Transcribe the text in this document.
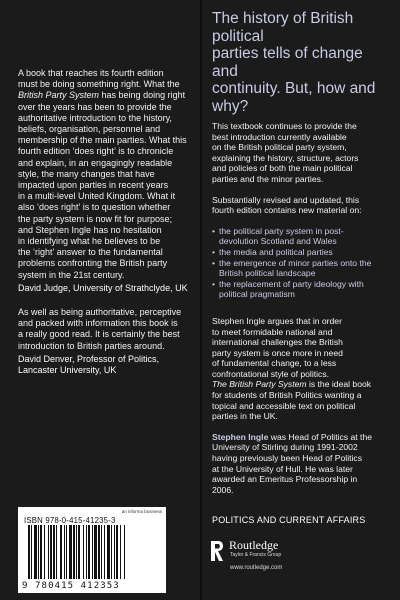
A book that reaches its fourth edition

must be doing something right. What the

British Party System has being doing right

over the years has been to provide the

authoritative introduction to the history,

beliefs, organisation, personnel and

membership of the main parties. What this

fourth edition ‘does right’ is to chronicle

and explain, in an engagingly readable

style, the many changes that have

impacted upon parties in recent years

in a multi-level United Kingdom. What it

also ‘does right’ is to question whether

the party system is now fit for purpose;

and Stephen Ingle has no hesitation

in identifying what he believes to be

the ‘right’ answer to the fundamental

problems confronting the British party

system in the 21st century.

David Judge, University of Strathclyde, UK

As well as being authoritative, perceptive

and packed with information this book is

a really good read. It is certainly the best

introduction to British parties around.

David Denver, Professor of Politics,

Lancaster University, UK

The history of British political

parties tells of change and

continuity. But, how and why?

This textbook continues to provide the

best introduction currently available

on the British political party system,

explaining the history, structure, actors

and policies of both the main political

parties and the minor parties.

Substantially revised and updated, this

fourth edition contains new material on:

• the political party system in post-
devolution Scotland and Wales
• the media and political parties
• the emergence of minor parties onto the
British political landscape
• the replacement of party ideology with
political pragmatism

Stephen Ingle argues that in order

to meet formidable national and

international challenges the British

party system is once more in need

of fundamental change, to a less

confrontational style of politics.

The British Party System is the ideal book

for students of British Politics wanting a

topical and accessible text on political

parties in the UK.

Stephen Ingle was Head of Politics at the

University of Stirling during 1991-2002

having previously been Head of Politics

at the University of Hull. He was later

awarded an Emeritus Professorship in

2006.

POLITICS AND CURRENT AFFAIRS
an informa business
ISBN 978-0-415-41235-3
9 780415 412353
Routledge
Taylor & Francis Group
www.routledge.com
